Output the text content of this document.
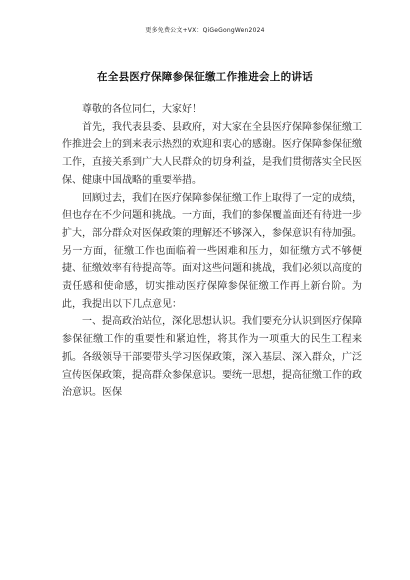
更多免费公文+VX：QiGeGongWen2024
在全县医疗保障参保征缴工作推进会上的讲话

尊敬的各位同仁，大家好！

首先，我代表县委、县政府，对大家在全县医疗保障参保征缴工作推进会上的到来表示热烈的欢迎和衷心的感谢。医疗保障参保征缴工作，直接关系到广大人民群众的切身利益，是我们贯彻落实全民医保、健康中国战略的重要举措。

回顾过去，我们在医疗保障参保征缴工作上取得了一定的成绩，但也存在不少问题和挑战。一方面，我们的参保覆盖面还有待进一步扩大，部分群众对医保政策的理解还不够深入，参保意识有待加强。另一方面，征缴工作也面临着一些困难和压力，如征缴方式不够便捷、征缴效率有待提高等。面对这些问题和挑战，我们必须以高度的责任感和使命感，切实推动医疗保障参保征缴工作再上新台阶。为此，我提出以下几点意见：

一、提高政治站位，深化思想认识。我们要充分认识到医疗保障参保征缴工作的重要性和紧迫性，将其作为一项重大的民生工程来抓。各级领导干部要带头学习医保政策，深入基层、深入群众，广泛宣传医保政策，提高群众参保意识。要统一思想，提高征缴工作的政治意识。医保
